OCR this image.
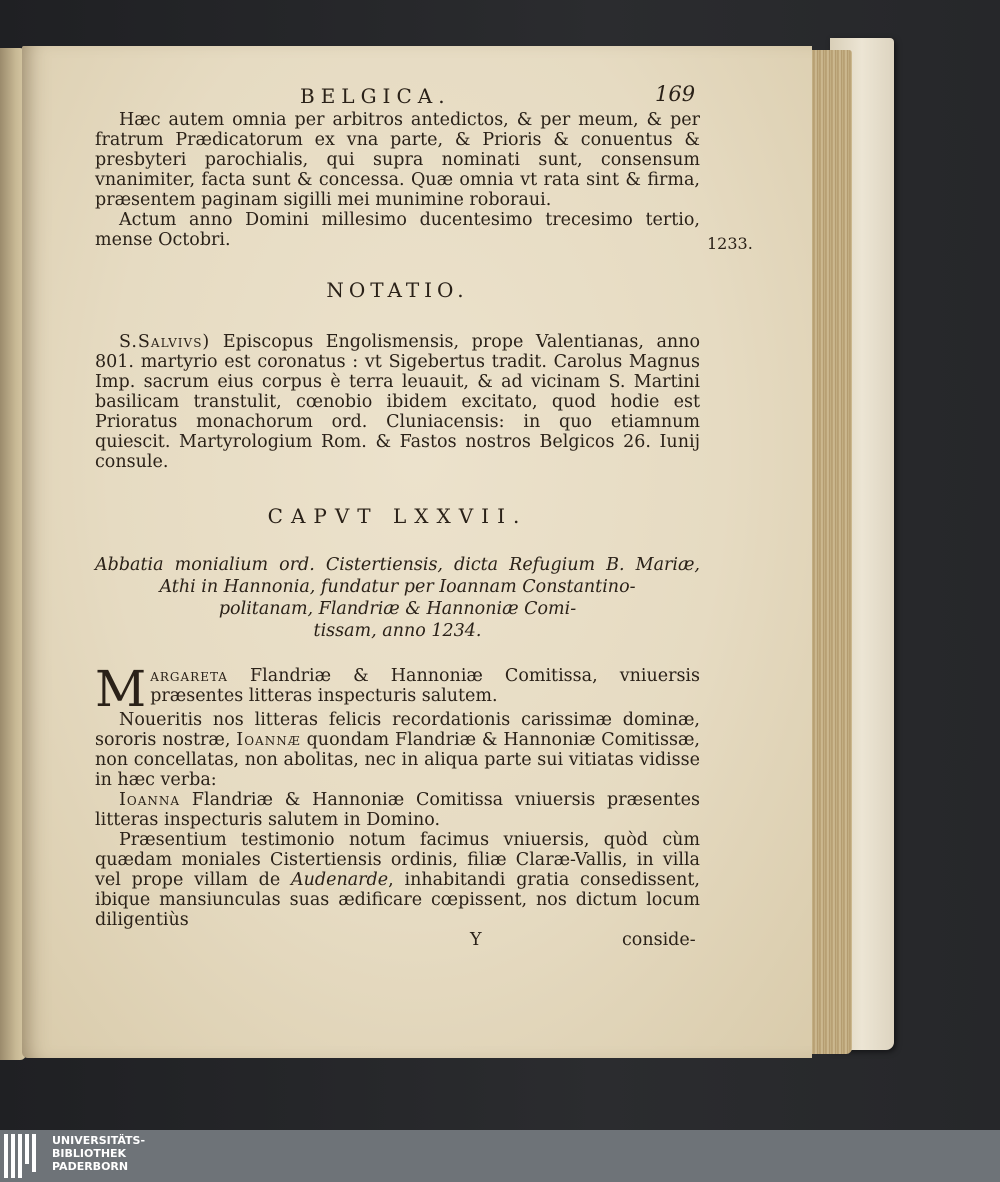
BELGICA.	169

Hæc autem omnia per arbitros antedictos, & per meum, & per fratrum Prædicatorum ex vna parte, & Prioris & conuentus & presbyteri parochialis, qui supra nominati sunt, consensum vnanimiter, facta sunt & concessa. Quæ omnia vt rata sint & firma, præsentem paginam sigilli mei munimine roboraui.

Actum anno Domini millesimo ducentesimo trecesimo tertio, mense Octobri.	1233.
NOTATIO.

S.Salvivs) Episcopus Engolismensis, prope Valentianas, anno 801. martyrio est coronatus : vt Sigebertus tradit. Carolus Magnus Imp. sacrum eius corpus è terra leuauit, & ad vicinam S. Martini basilicam transtulit, cœnobio ibidem excitato, quod hodie est Prioratus monachorum ord. Cluniacensis: in quo etiamnum quiescit. Martyrologium Rom. & Fastos nostros Belgicos 26. Iunij consule.

CAPVT LXXVII.
Abbatia monialium ord. Cistertiensis, dicta Refugium B. Mariæ,
Athi in Hannonia, fundatur per Ioannam Constantino-
politanam, Flandriæ & Hannoniæ Comi-
tissam, anno 1234.

Margareta Flandriæ & Hannoniæ Comitissa, vniuersis præsentes litteras inspecturis salutem.

Noueritis nos litteras felicis recordationis carissimæ dominæ, sororis nostræ, Ioannæ quondam Flandriæ & Hannoniæ Comitissæ, non concellatas, non abolitas, nec in aliqua parte sui vitiatas vidisse in hæc verba:

Ioanna Flandriæ & Hannoniæ Comitissa vniuersis præsentes litteras inspecturis salutem in Domino.

Præsentium testimonio notum facimus vniuersis, quòd cùm quædam moniales Cistertiensis ordinis, filiæ Claræ-Vallis, in villa vel prope villam de Audenarde, inhabitandi gratia consedissent, ibique mansiunculas suas ædificare cœpissent, nos dictum locum diligentiùs

Y	conside-
UNIVERSITÄTS-
BIBLIOTHEK
PADERBORN
